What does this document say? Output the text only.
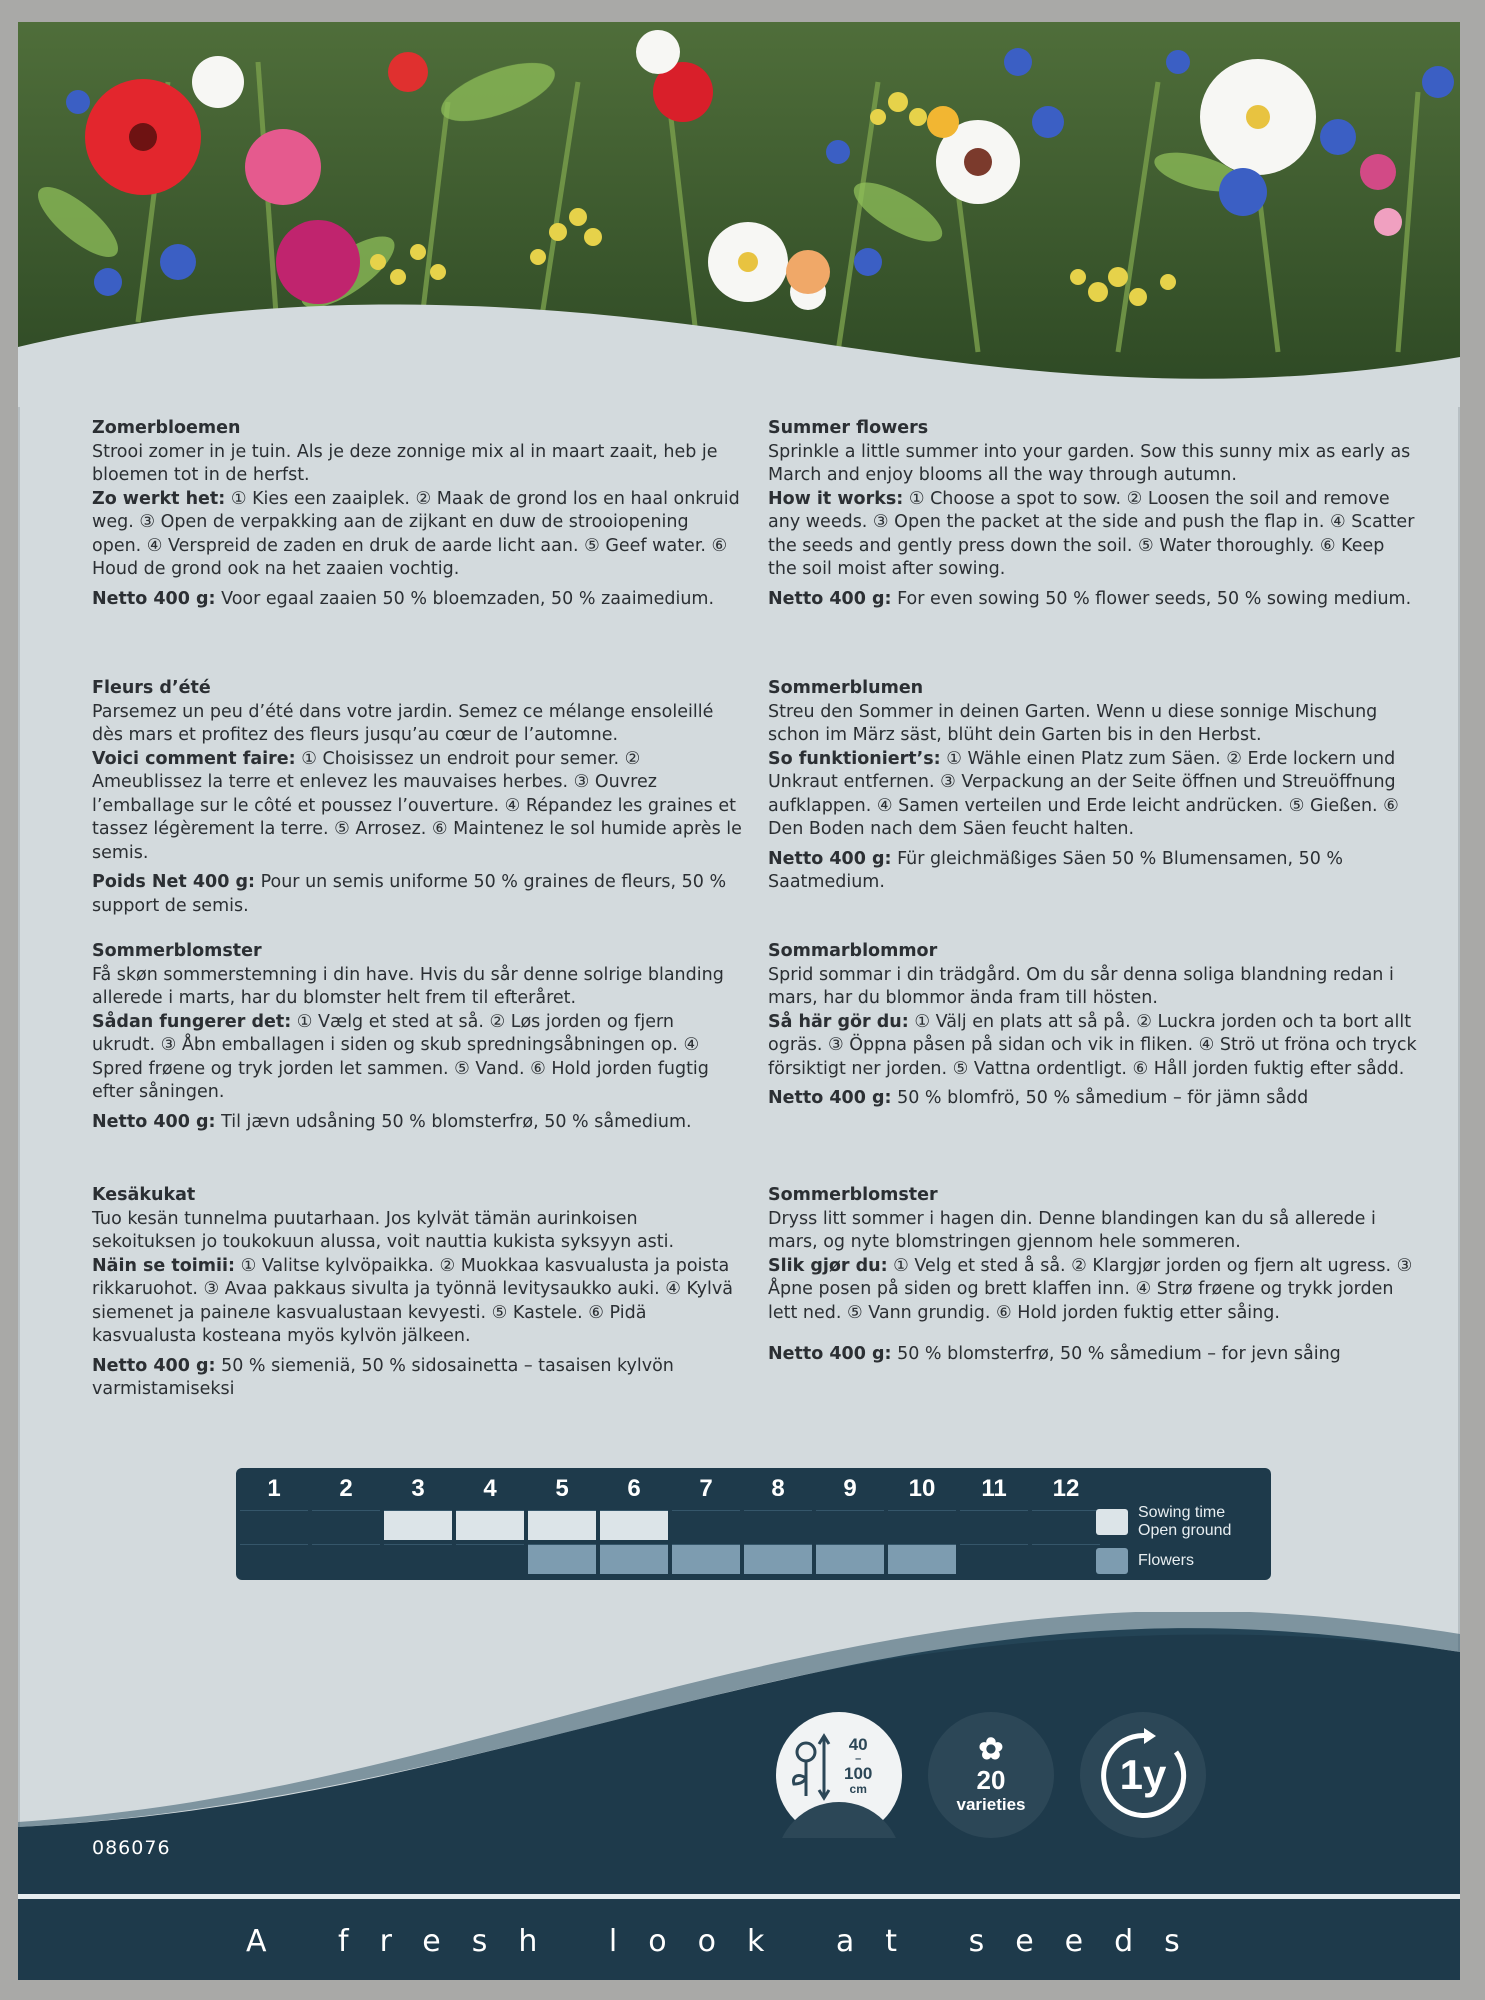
Zomerbloemen

Strooi zomer in je tuin. Als je deze zonnige mix al in maart zaait, heb je bloemen tot in de herfst.

Zo werkt het: ① Kies een zaaiplek. ② Maak de grond los en haal onkruid weg. ③ Open de verpakking aan de zijkant en duw de strooiopening open. ④ Verspreid de zaden en druk de aarde licht aan. ⑤ Geef water. ⑥ Houd de grond ook na het zaaien vochtig.

Netto 400 g: Voor egaal zaaien 50 % bloemzaden, 50 % zaaimedium.

Summer flowers

Sprinkle a little summer into your garden. Sow this sunny mix as early as March and enjoy blooms all the way through autumn.

How it works: ① Choose a spot to sow. ② Loosen the soil and remove any weeds. ③ Open the packet at the side and push the flap in. ④ Scatter the seeds and gently press down the soil. ⑤ Water thoroughly. ⑥ Keep the soil moist after sowing.

Netto 400 g: For even sowing 50 % flower seeds, 50 % sowing medium.

Fleurs d’été

Parsemez un peu d’été dans votre jardin. Semez ce mélange ensoleillé dès mars et profitez des fleurs jusqu’au cœur de l’automne.

Voici comment faire: ① Choisissez un endroit pour semer. ② Ameublissez la terre et enlevez les mauvaises herbes. ③ Ouvrez l’emballage sur le côté et poussez l’ouverture. ④ Répandez les graines et tassez légèrement la terre. ⑤ Arrosez. ⑥ Maintenez le sol humide après le semis.

Poids Net 400 g: Pour un semis uniforme 50 % graines de fleurs, 50 % support de semis.

Sommerblumen

Streu den Sommer in deinen Garten. Wenn u diese sonnige Mischung schon im März säst, blüht dein Garten bis in den Herbst.

So funktioniert’s: ① Wähle einen Platz zum Säen. ② Erde lockern und Unkraut entfernen. ③ Verpackung an der Seite öffnen und Streuöffnung aufklappen. ④ Samen verteilen und Erde leicht andrücken. ⑤ Gießen. ⑥ Den Boden nach dem Säen feucht halten.

Netto 400 g: Für gleichmäßiges Säen 50 % Blumensamen, 50 % Saatmedium.

Sommerblomster

Få skøn sommerstemning i din have. Hvis du sår denne solrige blanding allerede i marts, har du blomster helt frem til efteråret.

Sådan fungerer det: ① Vælg et sted at så. ② Løs jorden og fjern ukrudt. ③ Åbn emballagen i siden og skub spredningsåbningen op. ④ Spred frøene og tryk jorden let sammen. ⑤ Vand. ⑥ Hold jorden fugtig efter såningen.

Netto 400 g: Til jævn udsåning 50 % blomsterfrø, 50 % såmedium.

Sommarblommor

Sprid sommar i din trädgård. Om du sår denna soliga blandning redan i mars, har du blommor ända fram till hösten.

Så här gör du: ① Välj en plats att så på. ② Luckra jorden och ta bort allt ogräs. ③ Öppna påsen på sidan och vik in fliken. ④ Strö ut fröna och tryck försiktigt ner jorden. ⑤ Vattna ordentligt. ⑥ Håll jorden fuktig efter sådd.

Netto 400 g: 50 % blomfrö, 50 % såmedium – för jämn sådd

Kesäkukat

Tuo kesän tunnelma puutarhaan. Jos kylvät tämän aurinkoisen sekoituksen jo toukokuun alussa, voit nauttia kukista syksyyn asti.

Näin se toimii: ① Valitse kylvöpaikka. ② Muokkaa kasvualusta ja poista rikkaruohot. ③ Avaa pakkaus sivulta ja työnnä levitysaukko auki. ④ Kylvä siemenet ja paineле kasvualustaan kevyesti. ⑤ Kastele. ⑥ Pidä kasvualusta kosteana myös kylvön jälkeen.

Netto 400 g: 50 % siemeniä, 50 % sidosainetta – tasaisen kylvön varmistamiseksi

Sommerblomster

Dryss litt sommer i hagen din. Denne blandingen kan du så allerede i mars, og nyte blomstringen gjennom hele sommeren.

Slik gjør du: ① Velg et sted å så. ② Klargjør jorden og fjern alt ugress. ③ Åpne posen på siden og brett klaffen inn. ④ Strø frøene og trykk jorden lett ned. ⑤ Vann grundig. ⑥ Hold jorden fuktig etter såing.

Netto 400 g: 50 % blomsterfrø, 50 % såmedium – for jevn såing

1	2	3	4	5	6	7	8	9	10	11	12
Sowing time
Open ground
Flowers
40
–
100
cm
✿
20
varieties
1y
086076
A fresh look at seeds
